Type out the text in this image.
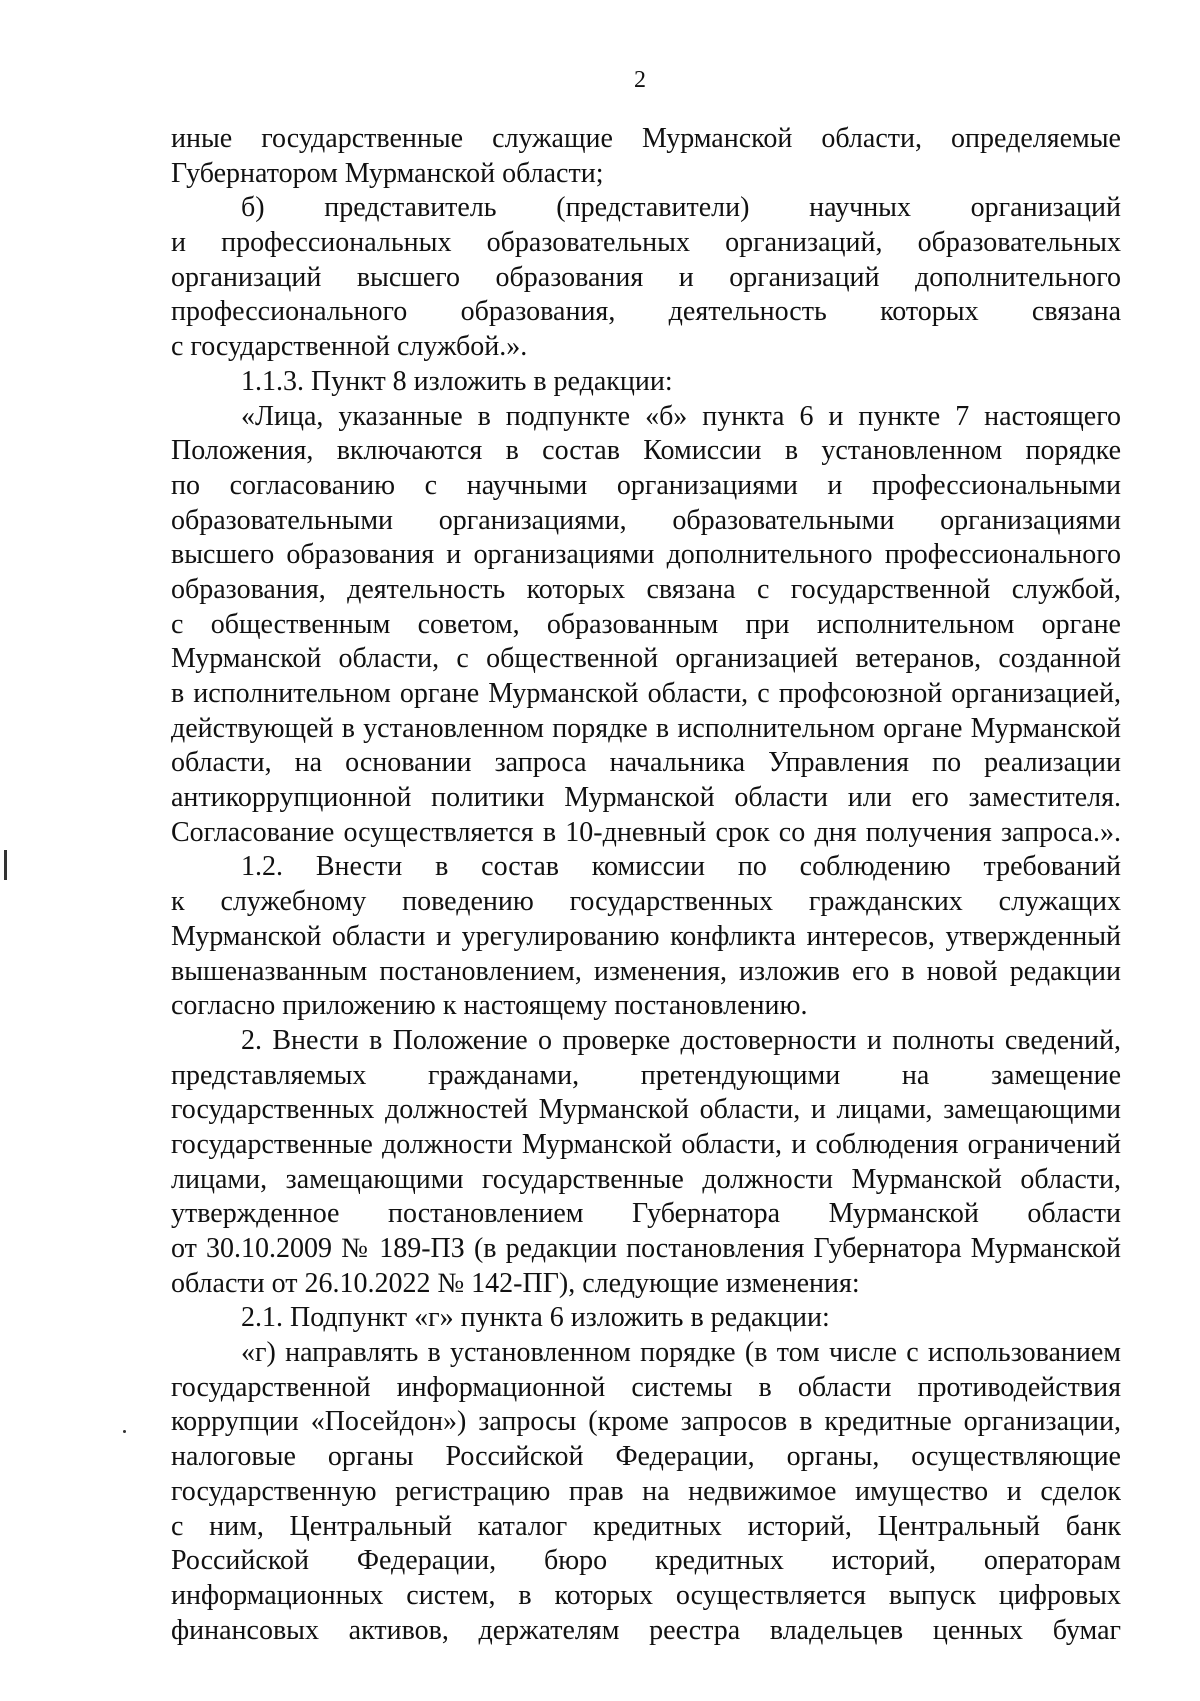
2
иные государственные служащие Мурманской области, определяемые
Губернатором Мурманской области;
б) представитель (представители) научных организаций
и профессиональных образовательных организаций, образовательных
организаций высшего образования и организаций дополнительного
профессионального образования, деятельность которых связана
с государственной службой.».
1.1.3. Пункт 8 изложить в редакции:
«Лица, указанные в подпункте «б» пункта 6 и пункте 7 настоящего
Положения, включаются в состав Комиссии в установленном порядке
по согласованию с научными организациями и профессиональными
образовательными организациями, образовательными организациями
высшего образования и организациями дополнительного профессионального
образования, деятельность которых связана с государственной службой,
с общественным советом, образованным при исполнительном органе
Мурманской области, с общественной организацией ветеранов, созданной
в исполнительном органе Мурманской области, с профсоюзной организацией,
действующей в установленном порядке в исполнительном органе Мурманской
области, на основании запроса начальника Управления по реализации
антикоррупционной политики Мурманской области или его заместителя.
Согласование осуществляется в 10-дневный срок со дня получения запроса.».
1.2. Внести в состав комиссии по соблюдению требований
к служебному поведению государственных гражданских служащих
Мурманской области и урегулированию конфликта интересов, утвержденный
вышеназванным постановлением, изменения, изложив его в новой редакции
согласно приложению к настоящему постановлению.
2. Внести в Положение о проверке достоверности и полноты сведений,
представляемых гражданами, претендующими на замещение
государственных должностей Мурманской области, и лицами, замещающими
государственные должности Мурманской области, и соблюдения ограничений
лицами, замещающими государственные должности Мурманской области,
утвержденное постановлением Губернатора Мурманской области
от 30.10.2009 № 189-ПЗ (в редакции постановления Губернатора Мурманской
области от 26.10.2022 № 142-ПГ), следующие изменения:
2.1. Подпункт «г» пункта 6 изложить в редакции:
«г) направлять в установленном порядке (в том числе с использованием
государственной информационной системы в области противодействия
коррупции «Посейдон») запросы (кроме запросов в кредитные организации,
налоговые органы Российской Федерации, органы, осуществляющие
государственную регистрацию прав на недвижимое имущество и сделок
с ним, Центральный каталог кредитных историй, Центральный банк
Российской Федерации, бюро кредитных историй, операторам
информационных систем, в которых осуществляется выпуск цифровых
финансовых активов, держателям реестра владельцев ценных бумаг
